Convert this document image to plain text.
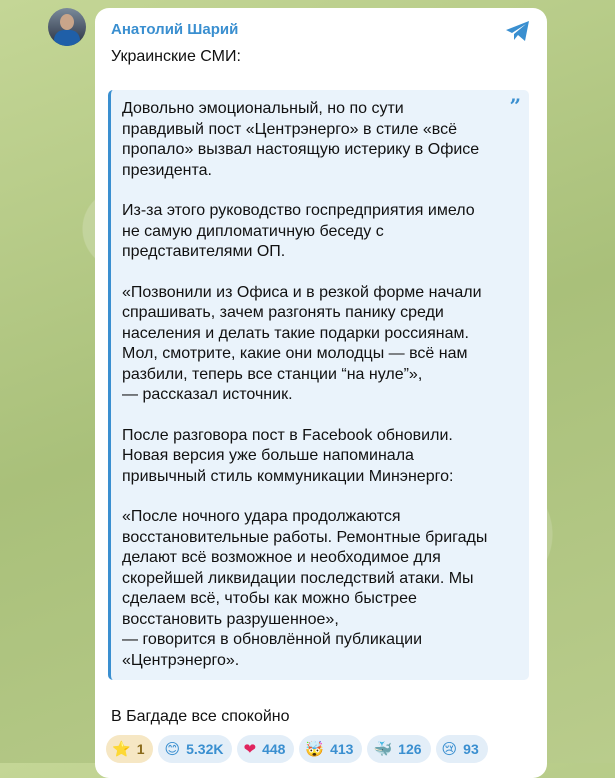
Анатолий Шарий
Украинские СМИ:
”

Довольно эмоциональный, но по сути
правдивый пост «Центрэнерго» в стиле «всё
пропало» вызвал настоящую истерику в Офисе
президента.

Из-за этого руководство госпредприятия имело
не самую дипломатичную беседу с
представителями ОП.

«Позвонили из Офиса и в резкой форме начали
спрашивать, зачем разгонять панику среди
населения и делать такие подарки россиянам.
Мол, смотрите, какие они молодцы — всё нам
разбили, теперь все станции “на нуле”»,
— рассказал источник.

После разговора пост в Facebook обновили.
Новая версия уже больше напоминала
привычный стиль коммуникации Минэнерго:

«После ночного удара продолжаются
восстановительные работы. Ремонтные бригады
делают всё возможное и необходимое для
скорейшей ликвидации последствий атаки. Мы
сделаем всё, чтобы как можно быстрее
восстановить разрушенное»,
— говорится в обновлённой публикации
«Центрэнерго».

В Багдаде все спокойно
⭐ 1 😊 5.32K ❤ 448 🤯 413 🐳 126 😢 93
